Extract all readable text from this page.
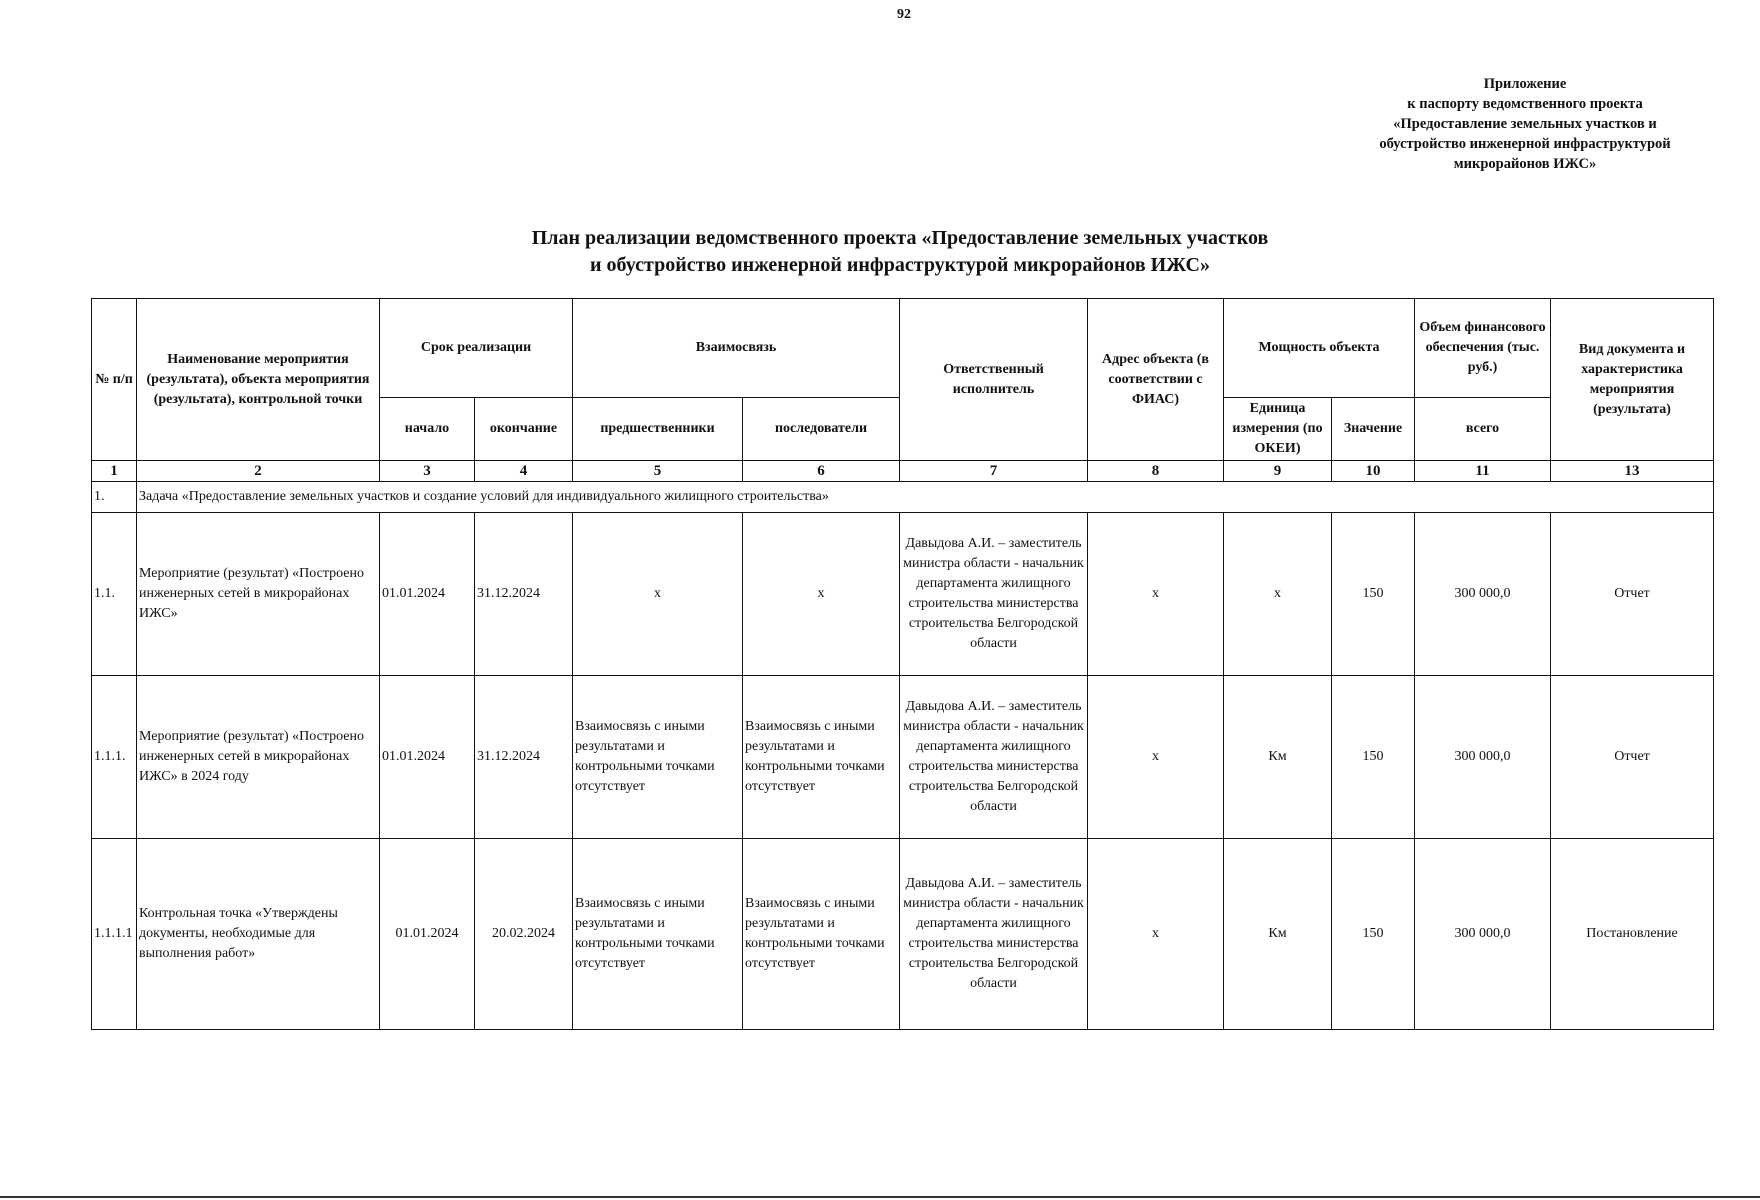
92
Приложение
к паспорту ведомственного проекта
«Предоставление земельных участков и
обустройство инженерной инфраструктурой
микрорайонов ИЖС»
План реализации ведомственного проекта «Предоставление земельных участков
и обустройство инженерной инфраструктурой микрорайонов ИЖС»
№ п/п	Наименование мероприятия (результата), объекта мероприятия (результата), контрольной точки	Срок реализации		Взаимосвязь		Ответственный исполнитель	Адрес объекта (в соответствии с ФИАС)	Мощность объекта		Объем финансового обеспечения (тыс. руб.)	Вид документа и характеристика мероприятия (результата)
		начало	окончание	предшественники	последователи			Единица измерения (по ОКЕИ)	Значение	всего	
1	2	3	4	5	6	7	8	9	10	11	13
1.	Задача «Предоставление земельных участков и создание условий для индивидуального жилищного строительства»										
1.1.	Мероприятие (результат) «Построено инженерных сетей в микрорайонах ИЖС»	01.01.2024	31.12.2024	x	x	Давыдова А.И. – заместитель министра области - начальник департамента жилищного строительства министерства строительства Белгородской области	x	x	150	300 000,0	Отчет
1.1.1.	Мероприятие (результат) «Построено инженерных сетей в микрорайонах ИЖС» в 2024 году	01.01.2024	31.12.2024	Взаимосвязь с иными результатами и контрольными точками отсутствует	Взаимосвязь с иными результатами и контрольными точками отсутствует	Давыдова А.И. – заместитель министра области - начальник департамента жилищного строительства министерства строительства Белгородской области	x	Км	150	300 000,0	Отчет
1.1.1.1	Контрольная точка «Утверждены документы, необходимые для выполнения работ»	01.01.2024	20.02.2024	Взаимосвязь с иными результатами и контрольными точками отсутствует	Взаимосвязь с иными результатами и контрольными точками отсутствует	Давыдова А.И. – заместитель министра области - начальник департамента жилищного строительства министерства строительства Белгородской области	x	Км	150	300 000,0	Постановление
